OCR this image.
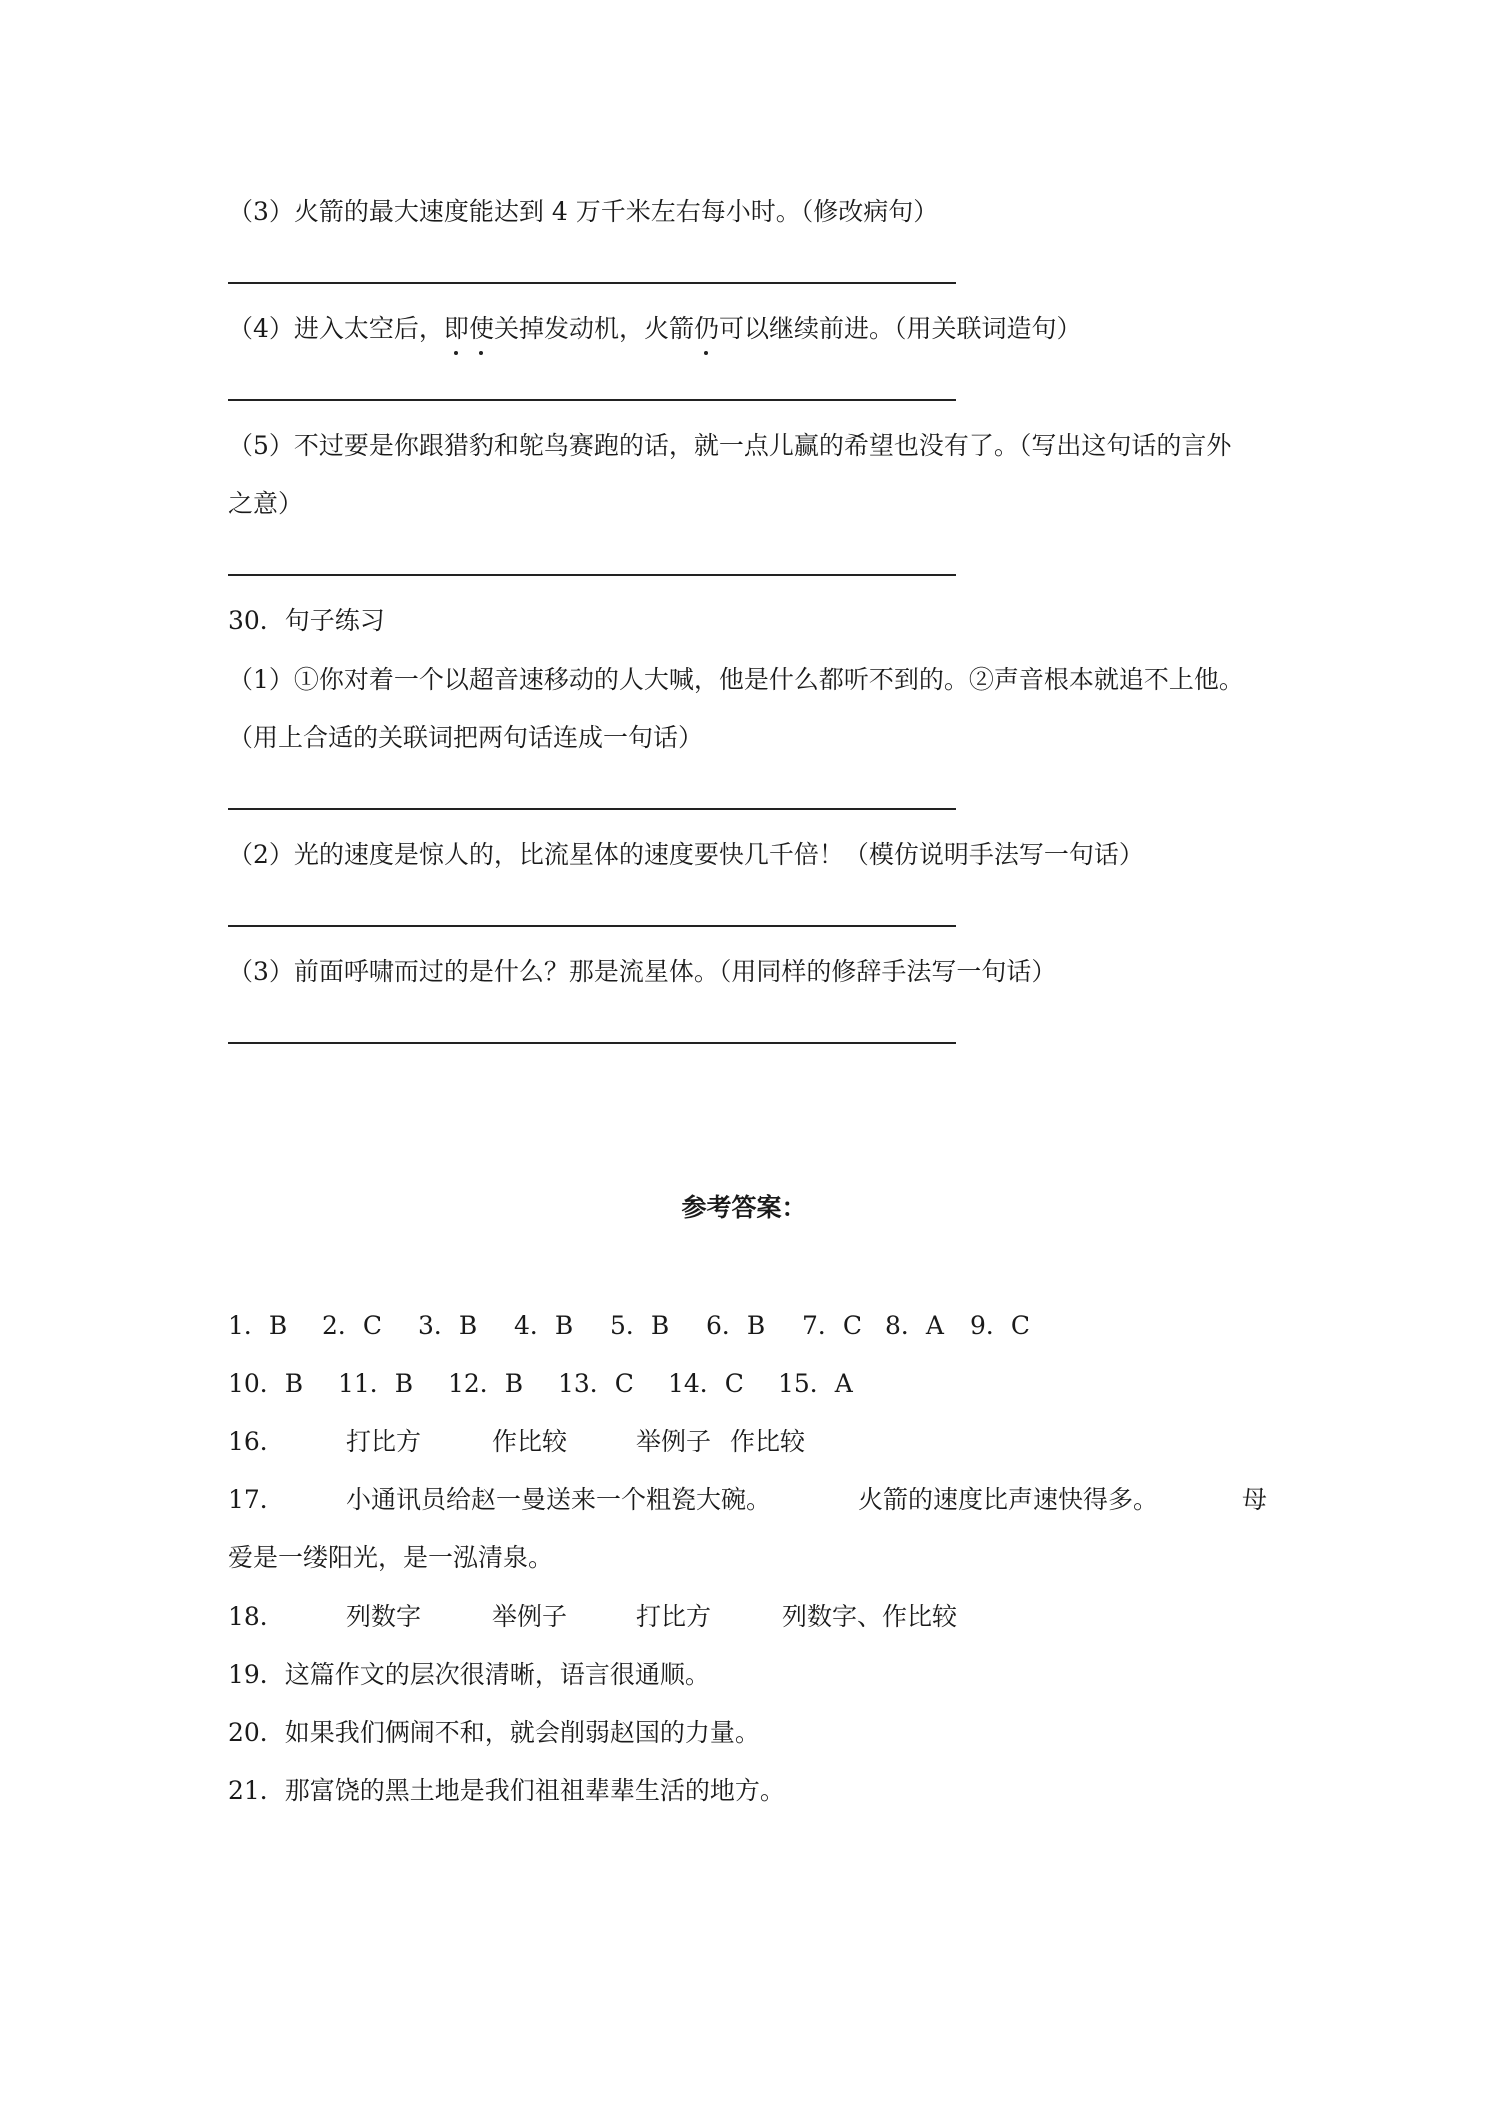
（3）火箭的最大速度能达到 4 万千米左右每小时。（修改病句）
（4）进入太空后，即使关掉发动机，火箭仍可以继续前进。（用关联词造句）
（5）不过要是你跟猎豹和鸵鸟赛跑的话，就一点儿赢的希望也没有了。（写出这句话的言外
之意）
30．句子练习
（1）①你对着一个以超音速移动的人大喊，他是什么都听不到的。②声音根本就追不上他。
（用上合适的关联词把两句话连成一句话）
（2）光的速度是惊人的，比流星体的速度要快几千倍！（模仿说明手法写一句话）
（3）前面呼啸而过的是什么？那是流星体。（用同样的修辞手法写一句话）
参考答案：
1．B 2．C 3．B 4．B 5．B 6．B 7．C 8．A 9．C
10．B 11．B 12．B 13．C 14．C 15．A
16． 打比方	作比较	举例子 作比较
17． 小通讯员给赵一曼送来一个粗瓷大碗。	火箭的速度比声速快得多。	母
爱是一缕阳光，是一泓清泉。
18． 列数字	举例子	打比方	列数字、作比较
19．这篇作文的层次很清晰，语言很通顺。
20．如果我们俩闹不和，就会削弱赵国的力量。
21．那富饶的黑土地是我们祖祖辈辈生活的地方。
